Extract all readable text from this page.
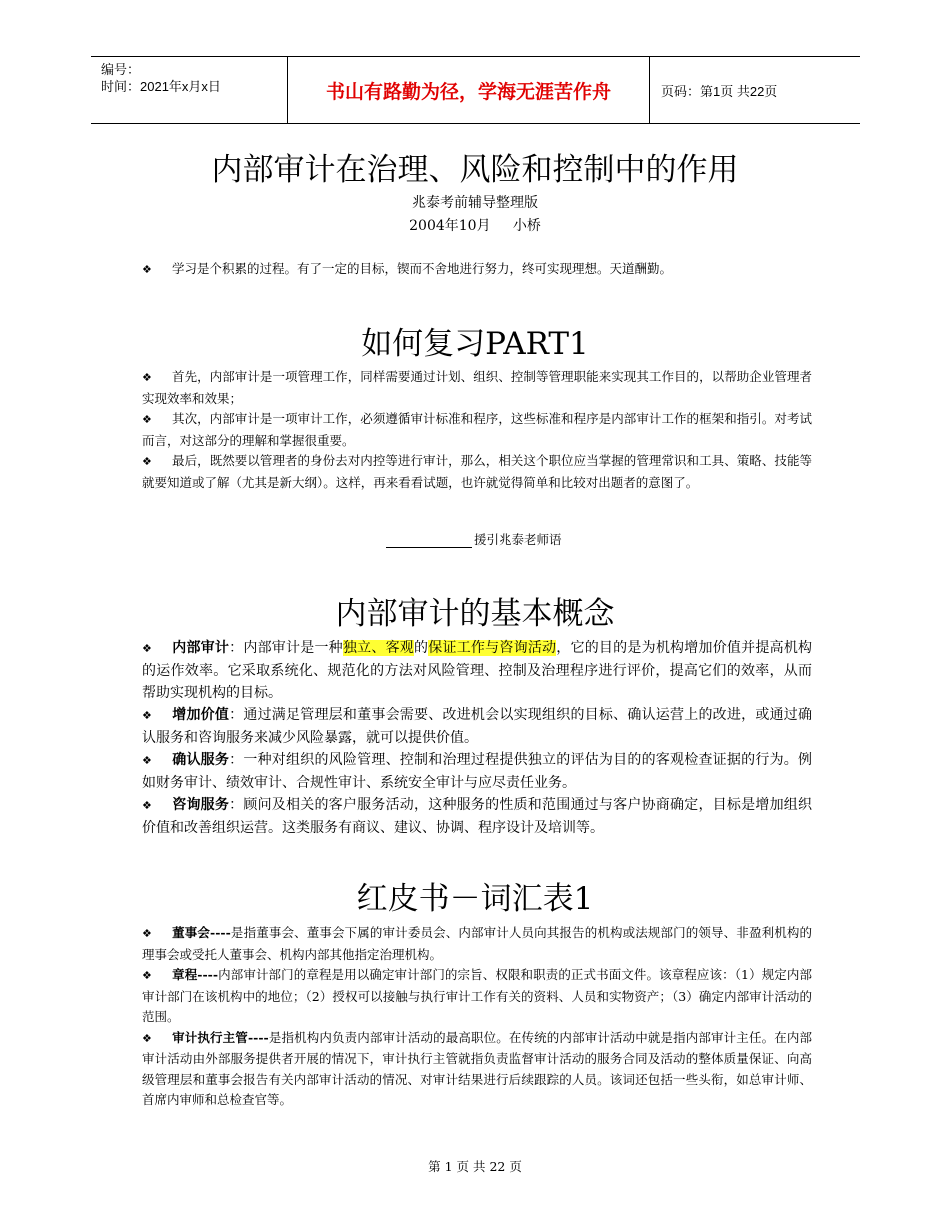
编号：
时间：2021年x月x日	书山有路勤为径，学海无涯苦作舟	页码：第1页 共22页
内部审计在治理、风险和控制中的作用
兆泰考前辅导整理版
2004年10月     小桥
❖ 学习是个积累的过程。有了一定的目标，锲而不舍地进行努力，终可实现理想。天道酬勤。
如何复习PART1
❖ 首先，内部审计是一项管理工作，同样需要通过计划、组织、控制等管理职能来实现其工作目的，以帮助企业管理者实现效率和效果；
❖ 其次，内部审计是一项审计工作，必须遵循审计标准和程序，这些标准和程序是内部审计工作的框架和指引。对考试而言，对这部分的理解和掌握很重要。
❖ 最后，既然要以管理者的身份去对内控等进行审计，那么，相关这个职位应当掌握的管理常识和工具、策略、技能等就要知道或了解（尤其是新大纲）。这样，再来看看试题，也许就觉得简单和比较对出题者的意图了。
援引兆泰老师语
内部审计的基本概念
❖ 内部审计：内部审计是一种独立、客观的保证工作与咨询活动，它的目的是为机构增加价值并提高机构的运作效率。它采取系统化、规范化的方法对风险管理、控制及治理程序进行评价，提高它们的效率，从而帮助实现机构的目标。
❖ 增加价值：通过满足管理层和董事会需要、改进机会以实现组织的目标、确认运营上的改进，或通过确认服务和咨询服务来减少风险暴露，就可以提供价值。
❖ 确认服务：一种对组织的风险管理、控制和治理过程提供独立的评估为目的的客观检查证据的行为。例如财务审计、绩效审计、合规性审计、系统安全审计与应尽责任业务。
❖ 咨询服务：顾问及相关的客户服务活动，这种服务的性质和范围通过与客户协商确定，目标是增加组织价值和改善组织运营。这类服务有商议、建议、协调、程序设计及培训等。
红皮书－词汇表1
❖ 董事会----是指董事会、董事会下属的审计委员会、内部审计人员向其报告的机构或法规部门的领导、非盈利机构的理事会或受托人董事会、机构内部其他指定治理机构。
❖ 章程----内部审计部门的章程是用以确定审计部门的宗旨、权限和职责的正式书面文件。该章程应该：（1）规定内部审计部门在该机构中的地位；（2）授权可以接触与执行审计工作有关的资料、人员和实物资产；（3）确定内部审计活动的范围。
❖ 审计执行主管----是指机构内负责内部审计活动的最高职位。在传统的内部审计活动中就是指内部审计主任。在内部审计活动由外部服务提供者开展的情况下，审计执行主管就指负责监督审计活动的服务合同及活动的整体质量保证、向高级管理层和董事会报告有关内部审计活动的情况、对审计结果进行后续跟踪的人员。该词还包括一些头衔，如总审计师、首席内审师和总检查官等。
第 1 页 共 22 页
